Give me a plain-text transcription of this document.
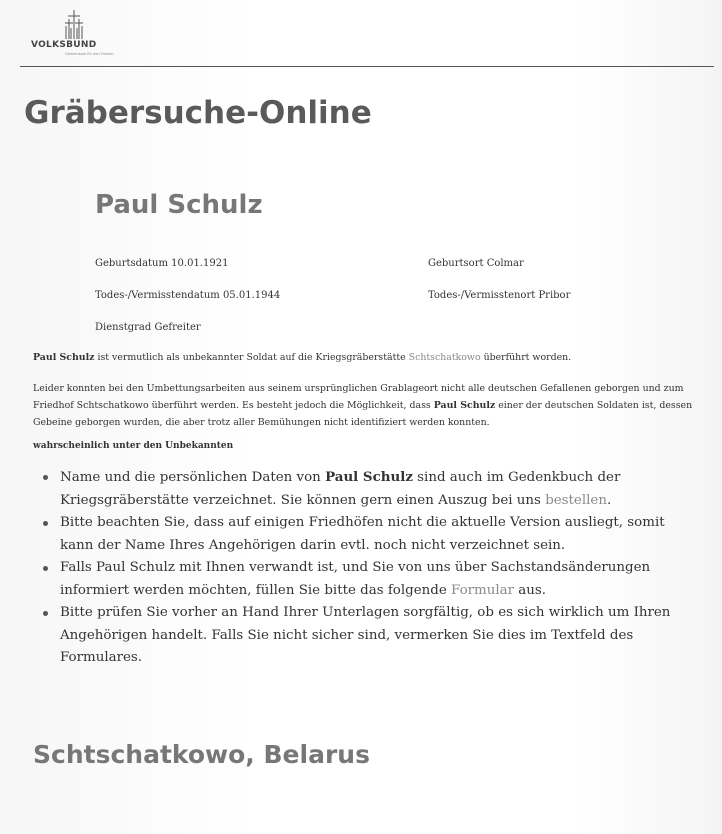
VOLKSBUND
Gemeinsam für den Frieden
Gräbersuche-Online
Paul Schulz
Geburtsdatum 10.01.1921	Geburtsort Colmar
Todes-/Vermisstendatum 05.01.1944	Todes-/Vermisstenort Pribor
Dienstgrad Gefreiter

Paul Schulz ist vermutlich als unbekannter Soldat auf die Kriegsgräberstätte Schtschatkowo überführt worden.

Leider konnten bei den Umbettungsarbeiten aus seinem ursprünglichen Grablageort nicht alle deutschen Gefallenen geborgen und zum Friedhof Schtschatkowo überführt werden. Es besteht jedoch die Möglichkeit, dass Paul Schulz einer der deutschen Soldaten ist, dessen Gebeine geborgen wurden, die aber trotz aller Bemühungen nicht identifiziert werden konnten.

wahrscheinlich unter den Unbekannten

Name und die persönlichen Daten von Paul Schulz sind auch im Gedenkbuch der Kriegsgräberstätte verzeichnet. Sie können gern einen Auszug bei uns bestellen.
Bitte beachten Sie, dass auf einigen Friedhöfen nicht die aktuelle Version ausliegt, somit kann der Name Ihres Angehörigen darin evtl. noch nicht verzeichnet sein.
Falls Paul Schulz mit Ihnen verwandt ist, und Sie von uns über Sachstandsänderungen informiert werden möchten, füllen Sie bitte das folgende Formular aus.
Bitte prüfen Sie vorher an Hand Ihrer Unterlagen sorgfältig, ob es sich wirklich um Ihren Angehörigen handelt. Falls Sie nicht sicher sind, vermerken Sie dies im Textfeld des Formulares.
Schtschatkowo, Belarus
